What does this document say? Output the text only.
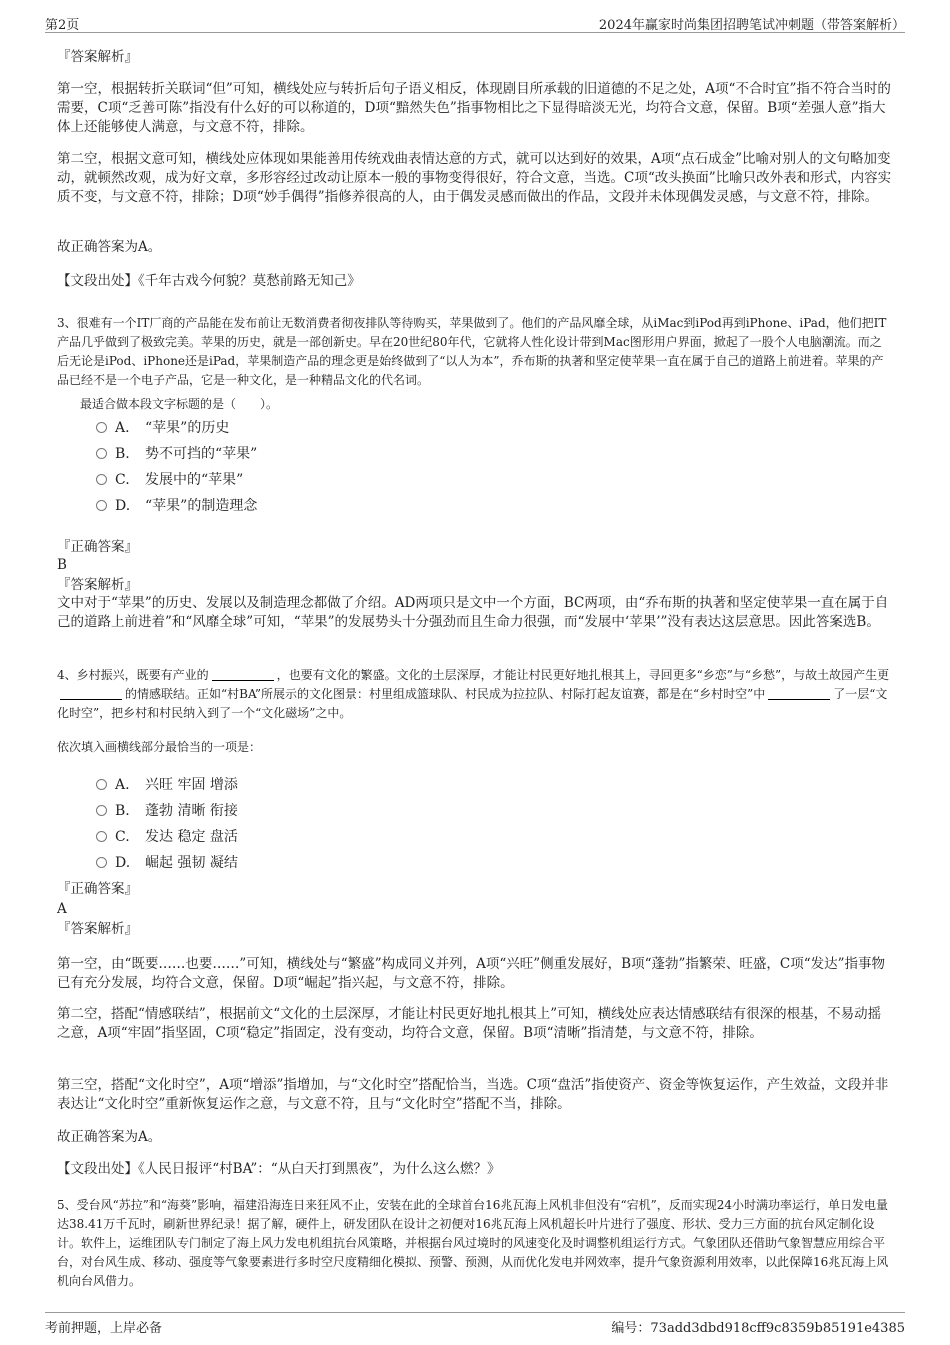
第2页	2024年赢家时尚集团招聘笔试冲刺题（带答案解析）

『答案解析』

第一空，根据转折关联词“但”可知，横线处应与转折后句子语义相反，体现剧目所承载的旧道德的不足之处，A项“不合时宜”指不符合当时的需要，C项“乏善可陈”指没有什么好的可以称道的，D项“黯然失色”指事物相比之下显得暗淡无光，均符合文意，保留。B项“差强人意”指大体上还能够使人满意，与文意不符，排除。

第二空，根据文意可知，横线处应体现如果能善用传统戏曲表情达意的方式，就可以达到好的效果，A项“点石成金”比喻对别人的文句略加变动，就顿然改观，成为好文章，多形容经过改动让原本一般的事物变得很好，符合文意，当选。C项“改头换面”比喻只改外表和形式，内容实质不变，与文意不符，排除；D项“妙手偶得”指修养很高的人，由于偶发灵感而做出的作品，文段并未体现偶发灵感，与文意不符，排除。

故正确答案为A。

【文段出处】《千年古戏今何貌？莫愁前路无知己》

3、很难有一个IT厂商的产品能在发布前让无数消费者彻夜排队等待购买，苹果做到了。他们的产品风靡全球，从iMac到iPod再到iPhone、iPad，他们把IT产品几乎做到了极致完美。苹果的历史，就是一部创新史。早在20世纪80年代，它就将人性化设计带到Mac图形用户界面，掀起了一股个人电脑潮流。而之后无论是iPod、iPhone还是iPad，苹果制造产品的理念更是始终做到了“以人为本”，乔布斯的执著和坚定使苹果一直在属于自己的道路上前进着。苹果的产品已经不是一个电子产品，它是一种文化，是一种精品文化的代名词。

最适合做本段文字标题的是（　　）。

A. “苹果”的历史
B. 势不可挡的“苹果”
C. 发展中的“苹果”
D. “苹果”的制造理念

『正确答案』

B

『答案解析』

文中对于“苹果”的历史、发展以及制造理念都做了介绍。AD两项只是文中一个方面，BC两项，由“乔布斯的执著和坚定使苹果一直在属于自己的道路上前进着”和“风靡全球”可知，“苹果”的发展势头十分强劲而且生命力很强，而“发展中‘苹果’”没有表达这层意思。因此答案选B。

4、乡村振兴，既要有产业的	，也要有文化的繁盛。文化的土层深厚，才能让村民更好地扎根其上，寻回更多“乡恋”与“乡愁”，与故土故园产生更的情感联结。正如“村BA”所展示的文化图景：村里组成篮球队、村民成为拉拉队、村际打起友谊赛，都是在“乡村时空”中	了一层“文化时空”，把乡村和村民纳入到了一个“文化磁场”之中。

依次填入画横线部分最恰当的一项是：

A. 兴旺 牢固 增添
B. 蓬勃 清晰 衔接
C. 发达 稳定 盘活
D. 崛起 强韧 凝结

『正确答案』

A

『答案解析』

第一空，由“既要……也要……”可知，横线处与“繁盛”构成同义并列，A项“兴旺”侧重发展好，B项“蓬勃”指繁荣、旺盛，C项“发达”指事物已有充分发展，均符合文意，保留。D项“崛起”指兴起，与文意不符，排除。

第二空，搭配“情感联结”，根据前文“文化的土层深厚，才能让村民更好地扎根其上”可知，横线处应表达情感联结有很深的根基，不易动摇之意，A项“牢固”指坚固，C项“稳定”指固定，没有变动，均符合文意，保留。B项“清晰”指清楚，与文意不符，排除。

第三空，搭配“文化时空”，A项“增添”指增加，与“文化时空”搭配恰当，当选。C项“盘活”指使资产、资金等恢复运作，产生效益，文段并非表达让“文化时空”重新恢复运作之意，与文意不符，且与“文化时空”搭配不当，排除。

故正确答案为A。

【文段出处】《人民日报评“村BA”：“从白天打到黑夜”，为什么这么燃？》

5、受台风“苏拉”和“海葵”影响，福建沿海连日来狂风不止，安装在此的全球首台16兆瓦海上风机非但没有“宕机”，反而实现24小时满功率运行，单日发电量达38.41万千瓦时，刷新世界纪录！据了解，硬件上，研发团队在设计之初便对16兆瓦海上风机超长叶片进行了强度、形状、受力三方面的抗台风定制化设计。软件上，运维团队专门制定了海上风力发电机组抗台风策略，并根据台风过境时的风速变化及时调整机组运行方式。气象团队还借助气象智慧应用综合平台，对台风生成、移动、强度等气象要素进行多时空尺度精细化模拟、预警、预测，从而优化发电并网效率，提升气象资源利用效率，以此保障16兆瓦海上风机向台风借力。

考前押题，上岸必备	编号：73add3dbd918cff9c8359b85191e4385
